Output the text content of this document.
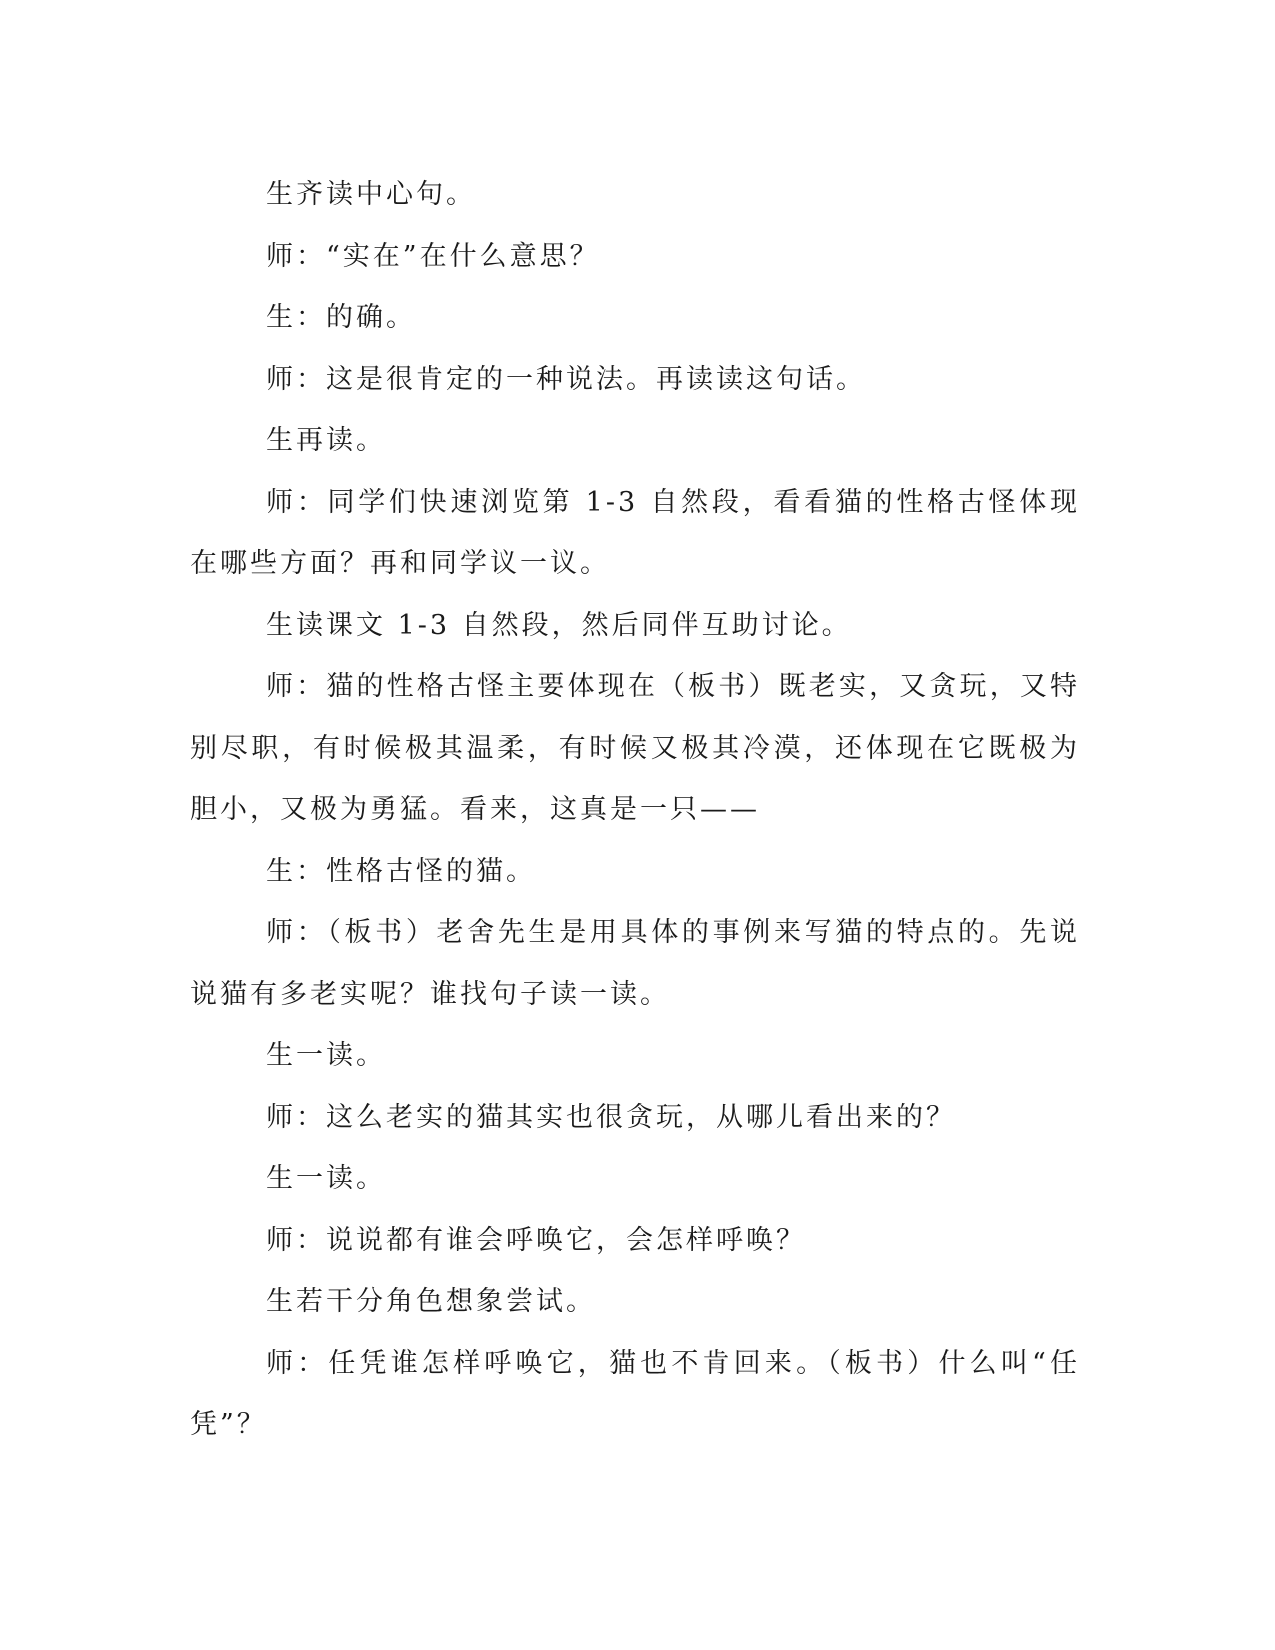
生齐读中心句。

师：“实在”在什么意思？

生：的确。

师：这是很肯定的一种说法。再读读这句话。

生再读。

师：同学们快速浏览第 1-3 自然段，看看猫的性格古怪体现在哪些方面？再和同学议一议。

生读课文 1-3 自然段，然后同伴互助讨论。

师：猫的性格古怪主要体现在（板书）既老实，又贪玩，又特别尽职，有时候极其温柔，有时候又极其冷漠，还体现在它既极为胆小，又极为勇猛。看来，这真是一只——

生：性格古怪的猫。

师：（板书）老舍先生是用具体的事例来写猫的特点的。先说说猫有多老实呢？谁找句子读一读。

生一读。

师：这么老实的猫其实也很贪玩，从哪儿看出来的？

生一读。

师：说说都有谁会呼唤它，会怎样呼唤？

生若干分角色想象尝试。

师：任凭谁怎样呼唤它，猫也不肯回来。（板书）什么叫“任凭”？
